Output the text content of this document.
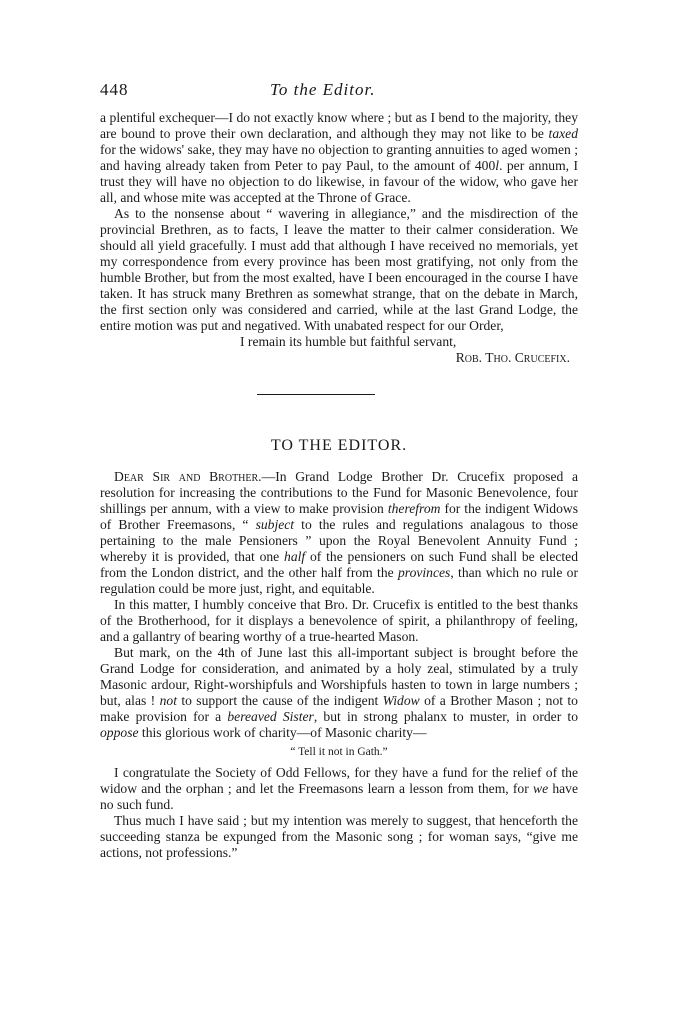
448	To the Editor.

a plentiful exchequer—I do not exactly know where ; but as I bend to the majority, they are bound to prove their own declaration, and although they may not like to be taxed for the widows' sake, they may have no objection to granting annuities to aged women ; and having already taken from Peter to pay Paul, to the amount of 400l. per annum, I trust they will have no objection to do likewise, in favour of the widow, who gave her all, and whose mite was accepted at the Throne of Grace.

As to the nonsense about “ wavering in allegiance,” and the misdirection of the provincial Brethren, as to facts, I leave the matter to their calmer consideration. We should all yield gracefully. I must add that although I have received no memorials, yet my correspondence from every province has been most gratifying, not only from the humble Brother, but from the most exalted, have I been encouraged in the course I have taken. It has struck many Brethren as somewhat strange, that on the debate in March, the first section only was considered and carried, while at the last Grand Lodge, the entire motion was put and negatived. With unabated respect for our Order,

I remain its humble but faithful servant,

Rob. Tho. Crucefix.

TO THE EDITOR.

Dear Sir and Brother.—In Grand Lodge Brother Dr. Crucefix proposed a resolution for increasing the contributions to the Fund for Masonic Benevolence, four shillings per annum, with a view to make provision therefrom for the indigent Widows of Brother Freemasons, “ subject to the rules and regulations analagous to those pertaining to the male Pensioners ” upon the Royal Benevolent Annuity Fund ; whereby it is provided, that one half of the pensioners on such Fund shall be elected from the London district, and the other half from the provinces, than which no rule or regulation could be more just, right, and equitable.

In this matter, I humbly conceive that Bro. Dr. Crucefix is entitled to the best thanks of the Brotherhood, for it displays a benevolence of spirit, a philanthropy of feeling, and a gallantry of bearing worthy of a true-hearted Mason.

But mark, on the 4th of June last this all-important subject is brought before the Grand Lodge for consideration, and animated by a holy zeal, stimulated by a truly Masonic ardour, Right-worshipfuls and Worshipfuls hasten to town in large numbers ; but, alas ! not to support the cause of the indigent Widow of a Brother Mason ; not to make provision for a bereaved Sister, but in strong phalanx to muster, in order to oppose this glorious work of charity—of Masonic charity—

“ Tell it not in Gath.”

I congratulate the Society of Odd Fellows, for they have a fund for the relief of the widow and the orphan ; and let the Freemasons learn a lesson from them, for we have no such fund.

Thus much I have said ; but my intention was merely to suggest, that henceforth the succeeding stanza be expunged from the Masonic song ; for woman says, “give me actions, not professions.”
